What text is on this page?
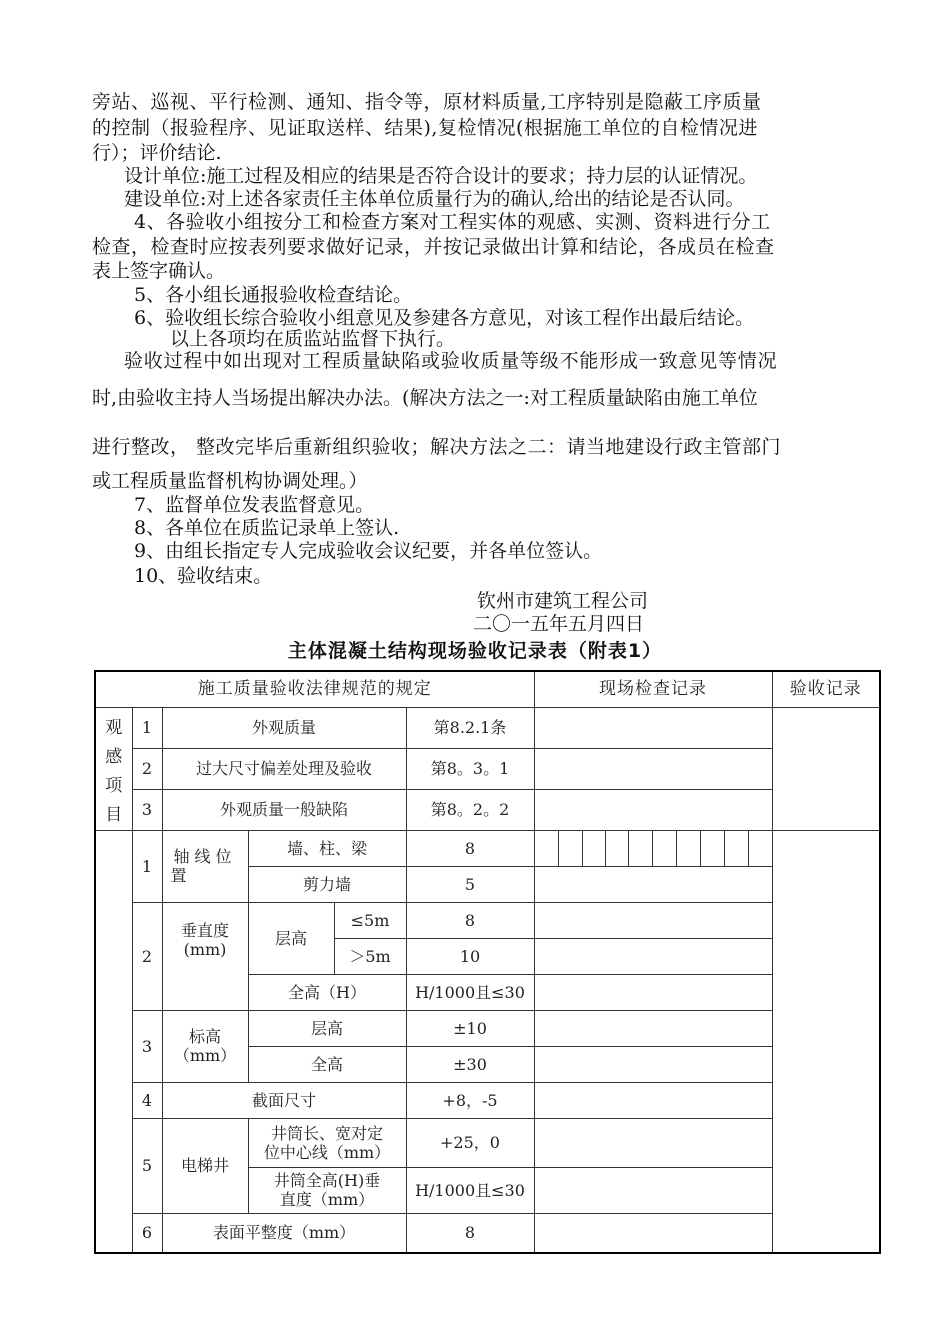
旁站、巡视、平行检测、通知、指令等，原材料质量,工序特别是隐蔽工序质量
的控制（报验程序、见证取送样、结果),复检情况(根据施工单位的自检情况进
行）；评价结论.
设计单位:施工过程及相应的结果是否符合设计的要求；持力层的认证情况。
建设单位:对上述各家责任主体单位质量行为的确认,给出的结论是否认同。
4、各验收小组按分工和检查方案对工程实体的观感、实测、资料进行分工
检查，检查时应按表列要求做好记录，并按记录做出计算和结论，各成员在检查
表上签字确认。
5、各小组长通报验收检查结论。
6、验收组长综合验收小组意见及参建各方意见，对该工程作出最后结论。
以上各项均在质监站监督下执行。
验收过程中如出现对工程质量缺陷或验收质量等级不能形成一致意见等情况
时,由验收主持人当场提出解决办法。(解决方法之一:对工程质量缺陷由施工单位
进行整改， 整改完毕后重新组织验收；解决方法之二：请当地建设行政主管部门
或工程质量监督机构协调处理。）
7、监督单位发表监督意见。
8、各单位在质监记录单上签认.
9、由组长指定专人完成验收会议纪要，并各单位签认。
10、验收结束。
钦州市建筑工程公司
二〇一五年五月四日
主体混凝土结构现场验收记录表（附表1）
施工质量验收法律规范的规定						现场检查记录										验收记录

观
感
项
目	1	外观质量			第8.2.1条											
	2	过大尺寸偏差处理及验收			第8。3。1											
	3	外观质量一般缺陷			第8。2。2											
	1	轴线位
置	墙、柱、梁		8											
			剪力墙		5											
	2	垂直度
(mm)	层高	≤5m	8											
				＞5m	10											
			全高（H）		H/1000且≤30											
	3	标高
（mm）	层高		±10											
			全高		±30											
	4	截面尺寸			+8，-5											
	5	电梯井	井筒长、宽对定
位中心线（mm）		+25，0											

			井筒全高(H)垂
直度（mm）		H/1000且≤30											
	6	表面平整度（mm）			8											
